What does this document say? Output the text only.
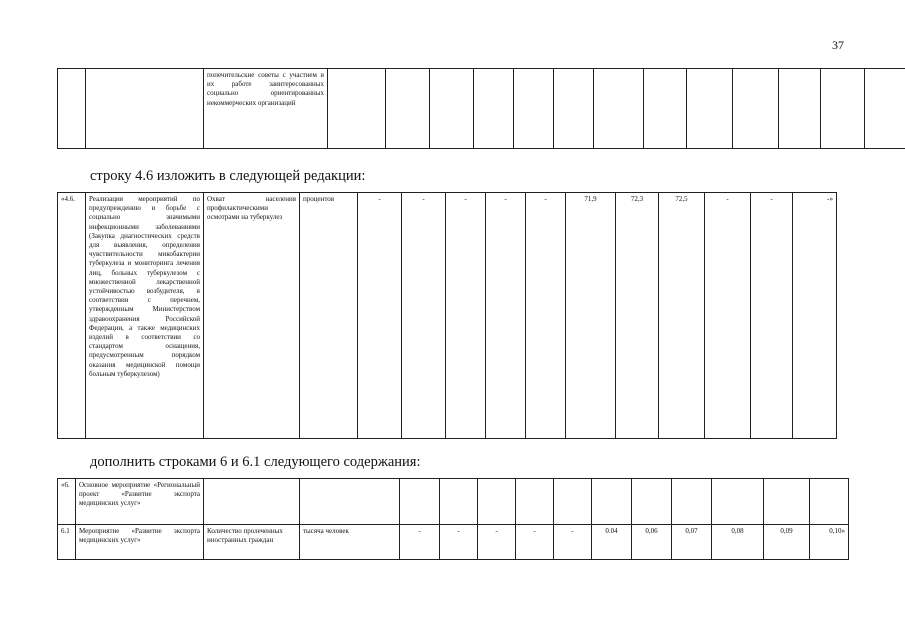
37
		попечительские советы с участием в их работе заинтересованных социально ориентированных некоммерческих организаций													
строку 4.6 изложить в следующей редакции:
«4.6.	Реализация мероприятий по предупреждению и борьбе с социально значимыми инфекционными заболеваниями (Закупка диагностических средств для выявления, определения чувствительности микобактерии туберкулеза и мониторинга лечения лиц, больных туберкулезом с множественной лекарственной устойчивостью возбудителя, в соответствии с перечнем, утвержденным Министерством здравоохранения Российской Федерации, а также медицинских изделий в соответствии со стандартом оснащения, предусмотренным порядком оказания медицинской помощи больным туберкулезом)	Охват населения профилактическими осмотрами на туберкулез	процентов	-	-	-	-	-	71,9	72,3	72,5	-	-	-»
дополнить строками 6 и 6.1 следующего содержания:
«6.	Основное мероприятие «Региональный проект «Развитие экспорта медицинских услуг»													
6.1	Мероприятие «Развитие экспорта медицинских услуг»	Количество пролеченных иностранных граждан	тысяча человек	-	-	-	-	-	0.04	0,06	0,07	0,08	0,09	0,10»
